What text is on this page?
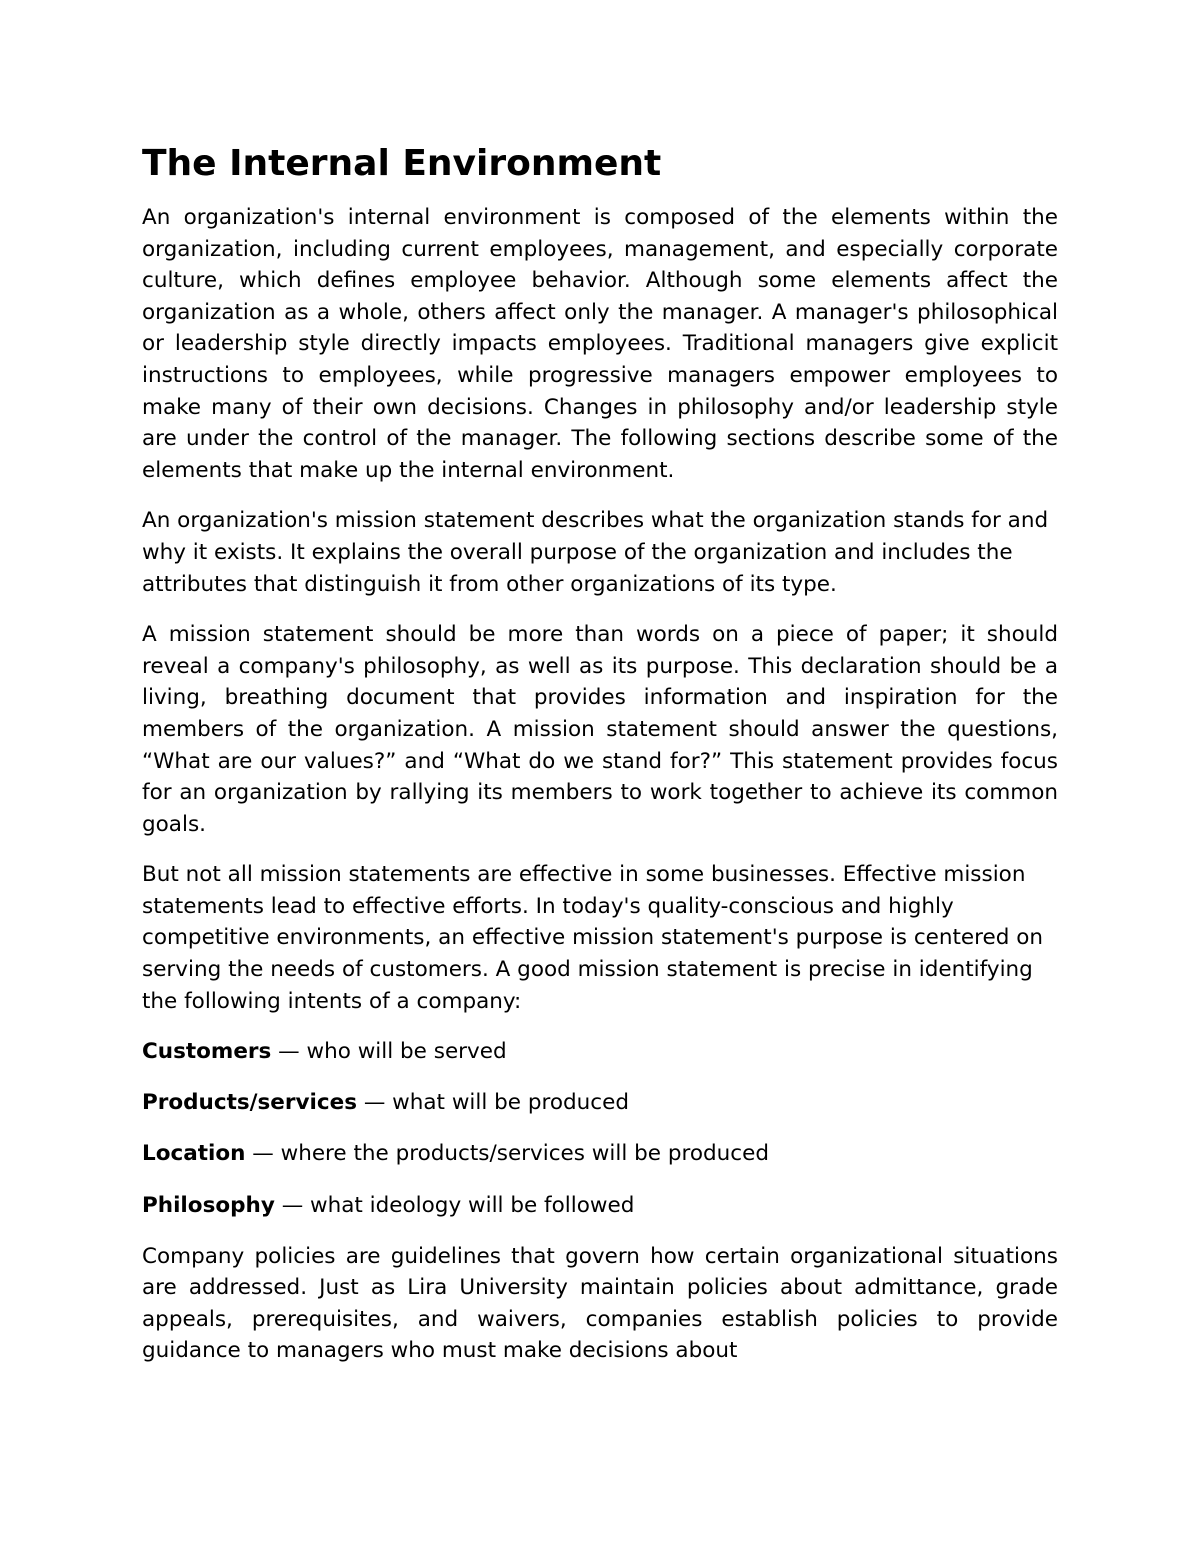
The Internal Environment

An organization's internal environment is composed of the elements within the organization, including current employees, management, and especially corporate culture, which defines employee behavior. Although some elements affect the organization as a whole, others affect only the manager. A manager's philosophical or leadership style directly impacts employees. Traditional managers give explicit instructions to employees, while progressive managers empower employees to make many of their own decisions. Changes in philosophy and/or leadership style are under the control of the manager. The following sections describe some of the elements that make up the internal environment.

An organization's mission statement describes what the organization stands for and why it exists. It explains the overall purpose of the organization and includes the attributes that distinguish it from other organizations of its type.

A mission statement should be more than words on a piece of paper; it should reveal a company's philosophy, as well as its purpose. This declaration should be a living, breathing document that provides information and inspiration for the members of the organization. A mission statement should answer the questions, “What are our values?” and “What do we stand for?” This statement provides focus for an organization by rallying its members to work together to achieve its common goals.

But not all mission statements are effective in some businesses. Effective mission statements lead to effective efforts. In today's quality-conscious and highly competitive environments, an effective mission statement's purpose is centered on serving the needs of customers. A good mission statement is precise in identifying the following intents of a company:

Customers — who will be served
Products/services — what will be produced
Location — where the products/services will be produced
Philosophy — what ideology will be followed

Company policies are guidelines that govern how certain organizational situations are addressed. Just as Lira University maintain policies about admittance, grade appeals, prerequisites, and waivers, companies establish policies to provide guidance to managers who must make decisions about
